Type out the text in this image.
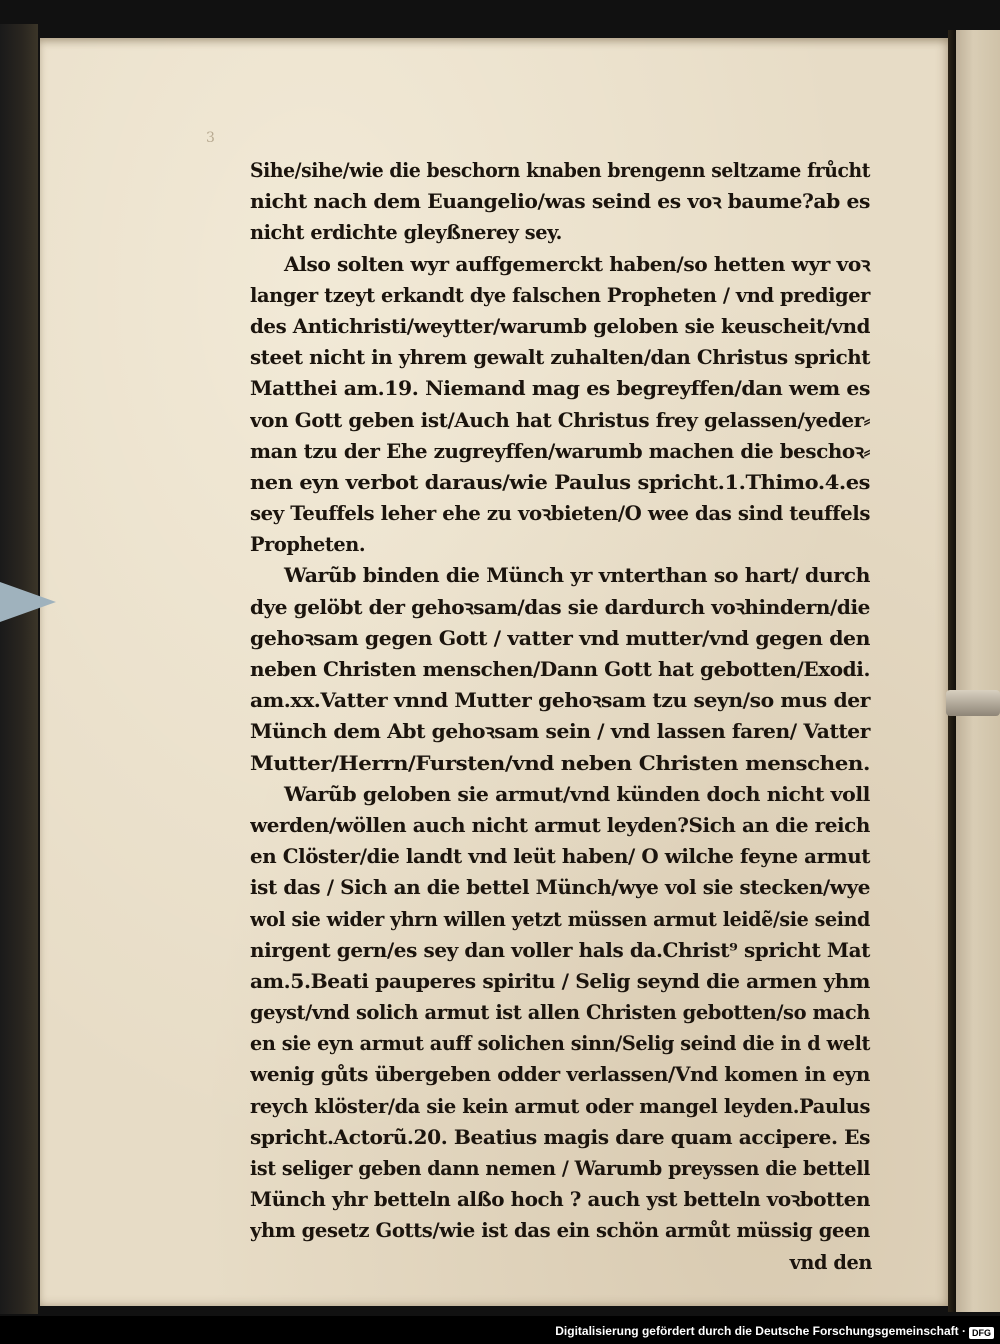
3
Sihe/sihe/wie die beschorn knaben brengenn seltzame frůcht
nicht nach dem Euangelio/was seind es voꝛ baume?ab es
nicht erdichte gleyßnerey sey.
Also solten wyr auffgemerckt haben/so hetten wyr voꝛ
langer tzeyt erkandt dye falschen Propheten / vnd prediger
des Antichristi/weytter/warumb geloben sie keuscheit/vnd
steet nicht in yhrem gewalt zuhalten/dan Christus spricht
Matthei am.19. Niemand mag es begreyffen/dan wem es
von Gott geben ist/Auch hat Christus frey gelassen/yeder⸗
man tzu der Ehe zugreyffen/warumb machen die beschoꝛ⸗
nen eyn verbot daraus/wie Paulus spricht.1.Thimo.4.es
sey Teuffels leher ehe zu voꝛbieten/O wee das sind teuffels
Propheten.
Warũb binden die Münch yr vnterthan so hart/ durch
dye gelöbt der gehoꝛsam/das sie dardurch voꝛhindern/die
gehoꝛsam gegen Gott / vatter vnd mutter/vnd gegen den
neben Christen menschen/Dann Gott hat gebotten/Exodi.
am.xx.Vatter vnnd Mutter gehoꝛsam tzu seyn/so mus der
Münch dem Abt gehoꝛsam sein / vnd lassen faren/ Vatter
Mutter/Herrn/Fursten/vnd neben Christen menschen.
Warũb geloben sie armut/vnd künden doch nicht voll
werden/wöllen auch nicht armut leyden?Sich an die reich
en Clöster/die landt vnd leüt haben/ O wilche feyne armut
ist das / Sich an die bettel Münch/wye vol sie stecken/wye
wol sie wider yhrn willen yetzt müssen armut leidẽ/sie seind
nirgent gern/es sey dan voller hals da.Christ⁹ spricht Mat
am.5.Beati pauperes spiritu / Selig seynd die armen yhm
geyst/vnd solich armut ist allen Christen gebotten/so mach
en sie eyn armut auff solichen sinn/Selig seind die in d welt
wenig gůts übergeben odder verlassen/Vnd komen in eyn
reych klöster/da sie kein armut oder mangel leyden.Paulus
spricht.Actorũ.20. Beatius magis dare quam accipere. Es
ist seliger geben dann nemen / Warumb preyssen die bettell
Münch yhr betteln alßo hoch ? auch yst betteln voꝛbotten
yhm gesetz Gotts/wie ist das ein schön armůt müssig geen
vnd den
Digitalisierung gefördert durch die Deutsche Forschungsgemeinschaft · DFG
